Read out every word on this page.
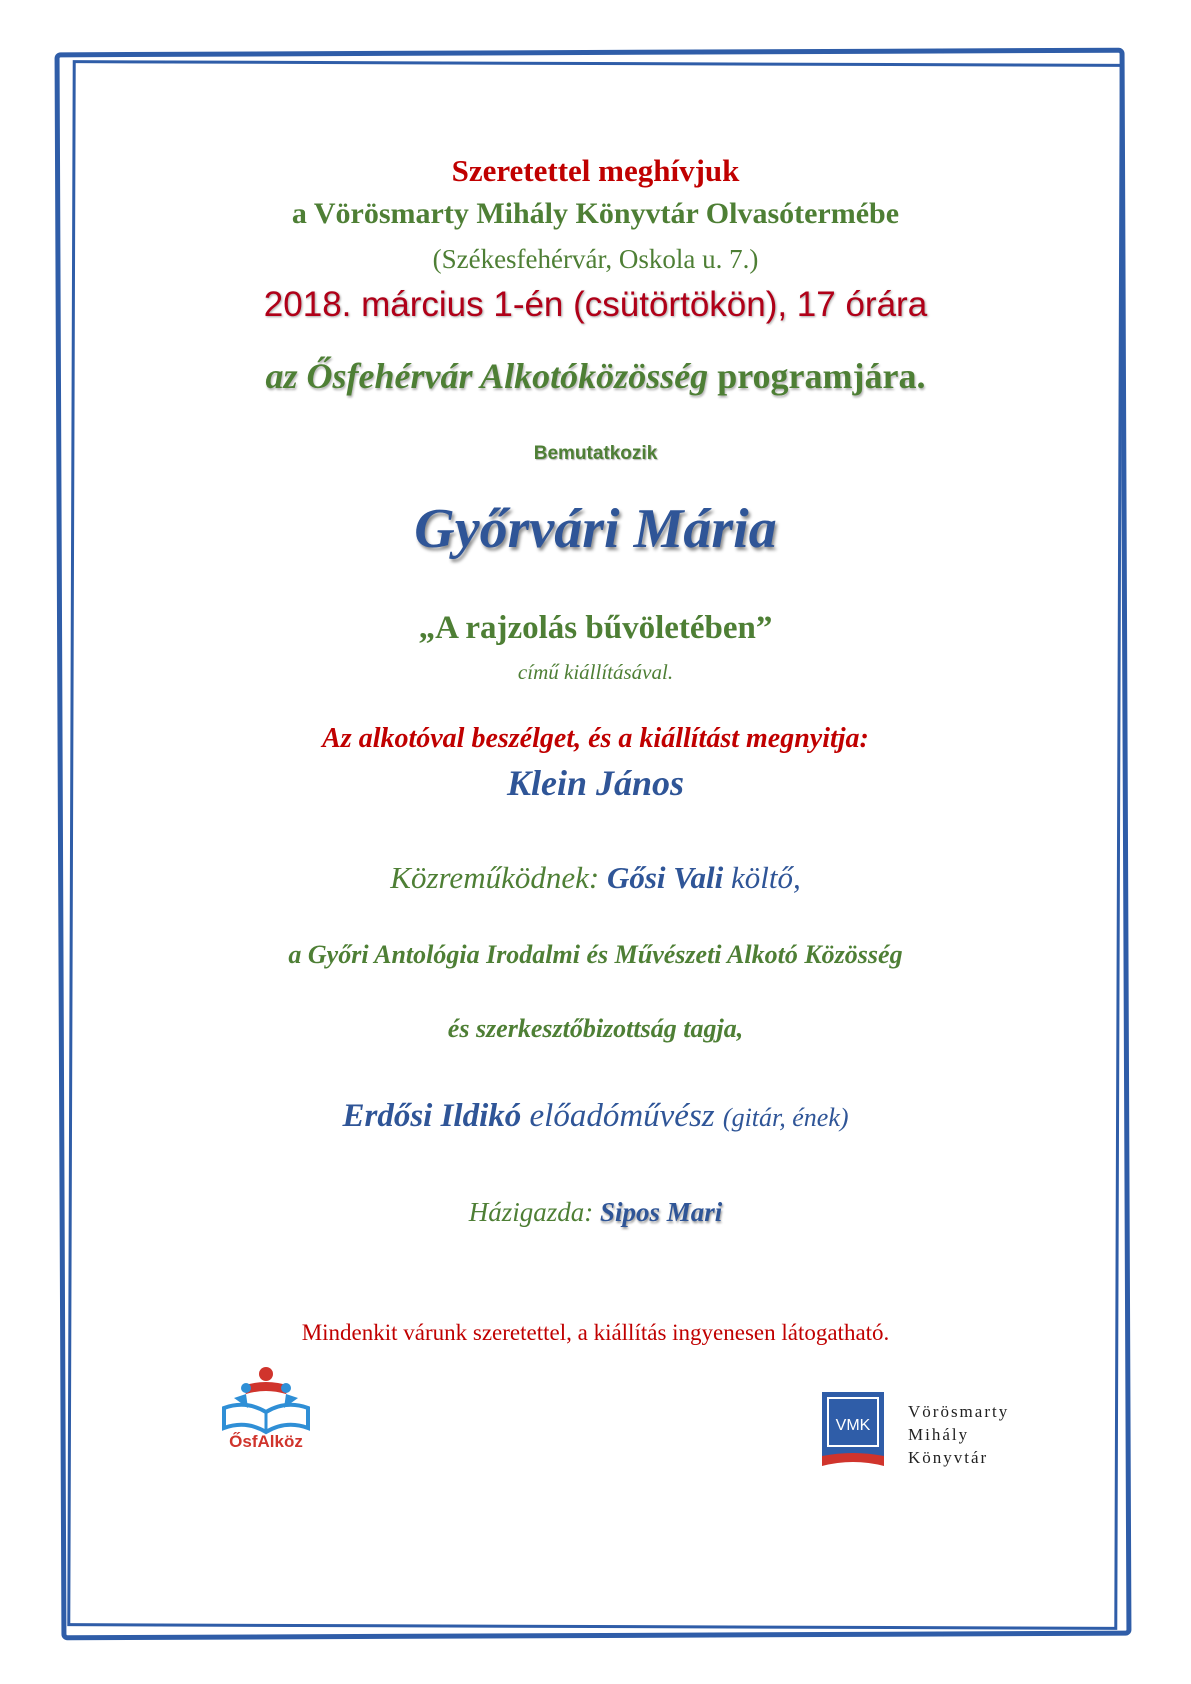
Szeretettel meghívjuk
a Vörösmarty Mihály Könyvtár Olvasótermébe
(Székesfehérvár, Oskola u. 7.)
2018. március 1-én (csütörtökön), 17 órára
az Ősfehérvár Alkotóközösség programjára.
Bemutatkozik
Győrvári Mária
„A rajzolás bűvöletében”
című kiállításával.
Az alkotóval beszélget, és a kiállítást megnyitja:
Klein János
Közreműködnek: Gősi Vali költő,
a Győri Antológia Irodalmi és Művészeti Alkotó Közösség
és szerkesztőbizottság tagja,
Erdősi Ildikó előadóművész (gitár, ének)
Házigazda: Sipos Mari
Mindenkit várunk szeretettel, a kiállítás ingyenesen látogatható.
ŐsfAlköz
VMK
Vörösmarty
Mihály
Könyvtár
